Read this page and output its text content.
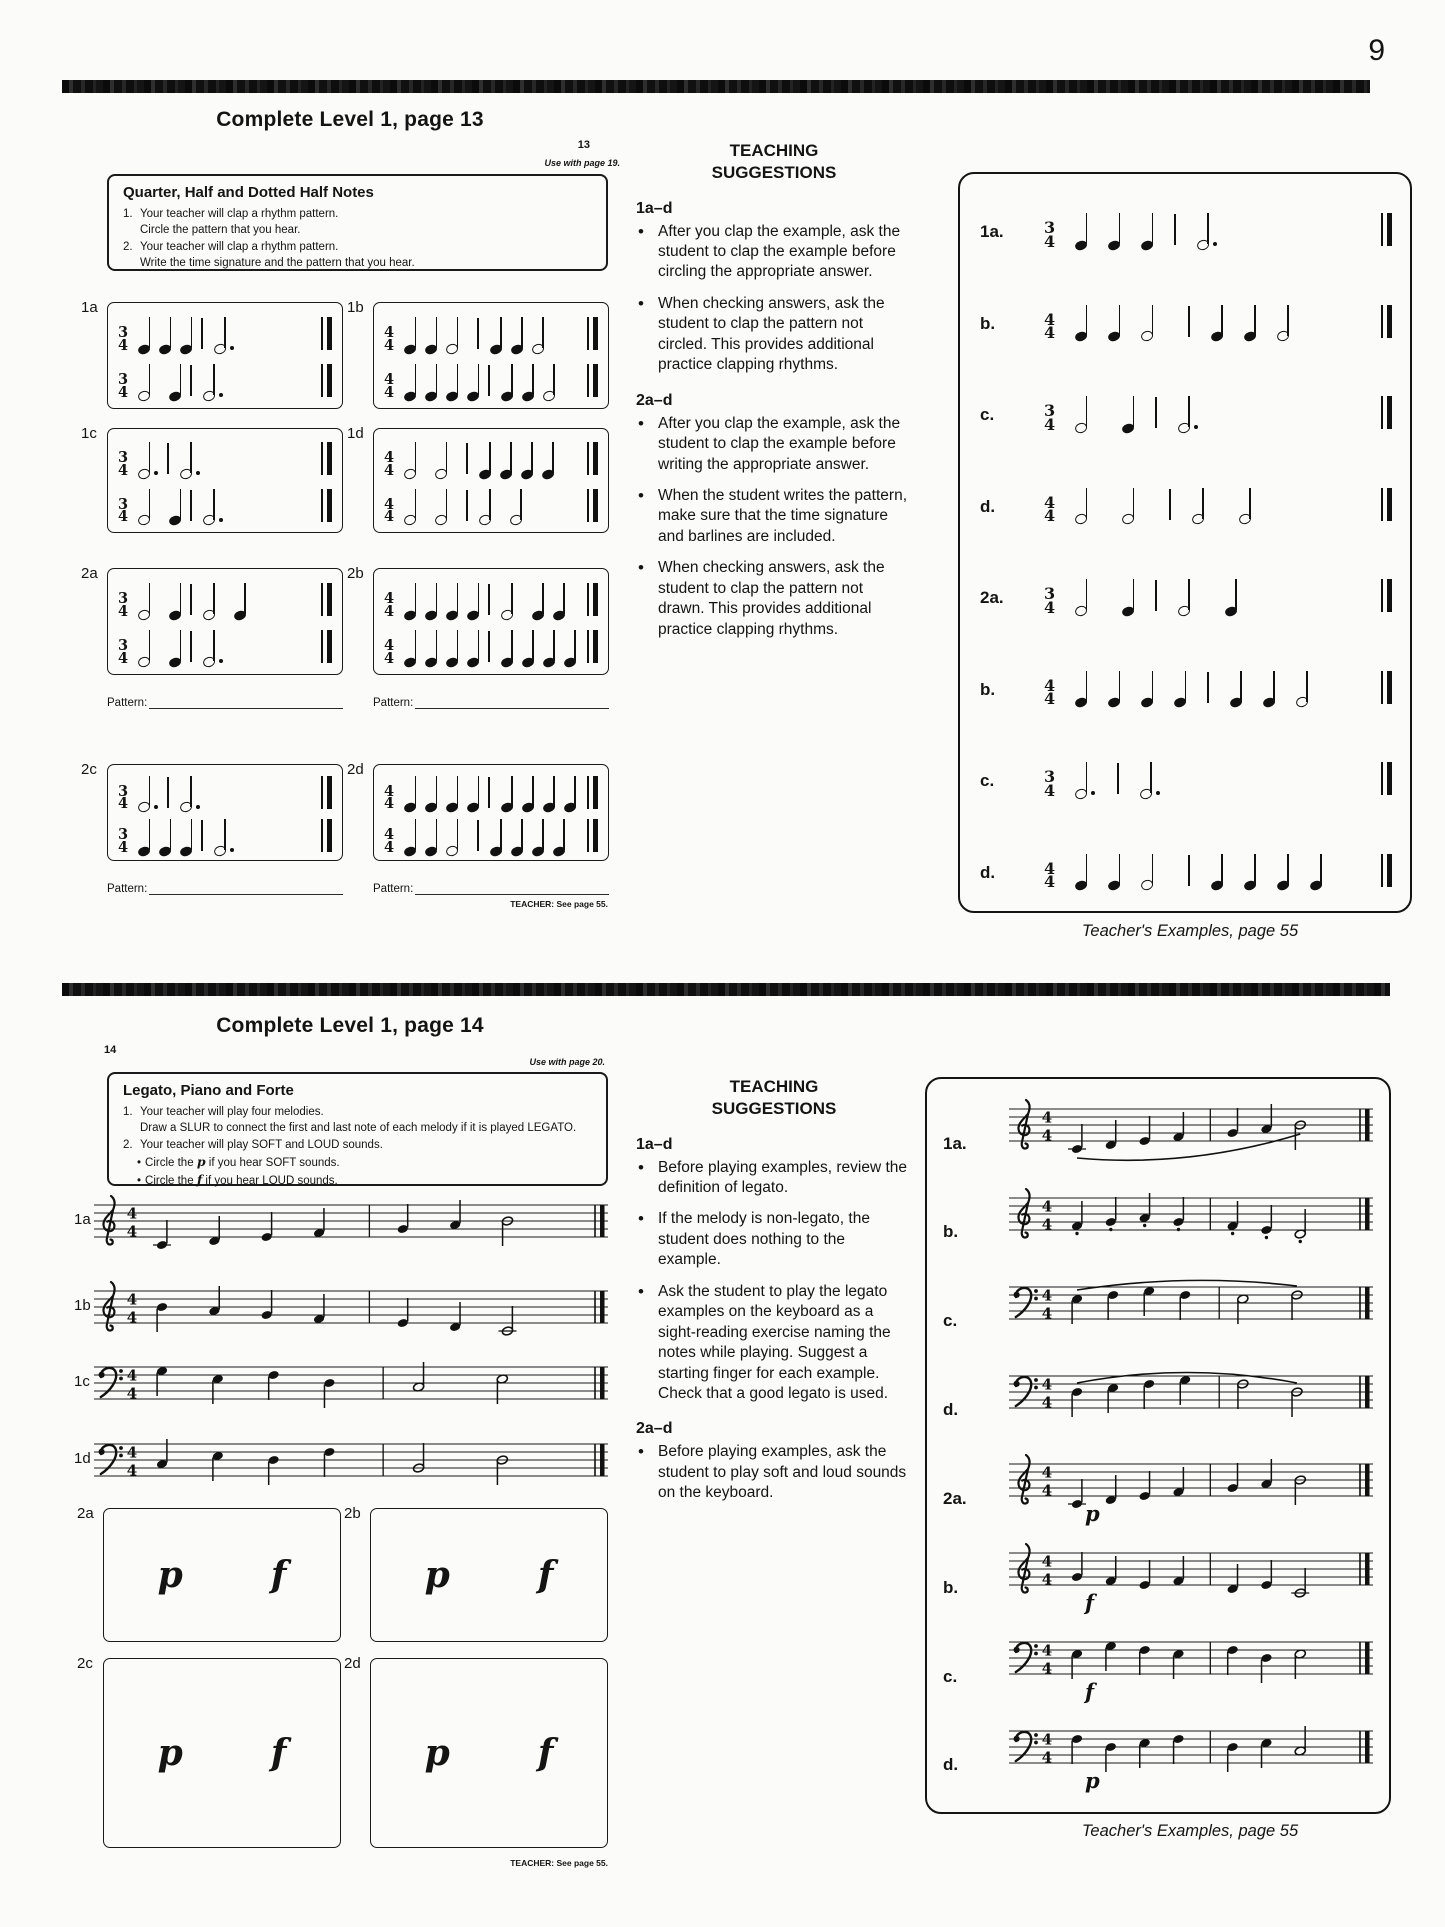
9
Complete Level 1, page 13
13
Use with page 19.
Quarter, Half and Dotted Half Notes
1. Your teacher will clap a rhythm pattern.
Circle the pattern that you hear.
2. Your teacher will clap a rhythm pattern.
Write the time signature and the pattern that you hear.
1a
3
4
3
4
1b
4
4
4
4
1c
3
4
3
4
1d
4
4
4
4
2a
3
4
3
4
2b
4
4
4
4
Pattern:	Pattern:
2c
3
4
3
4
2d
4
4
4
4
Pattern:	Pattern:
TEACHER: See page 55.
TEACHING
SUGGESTIONS
1a–d
• After you clap the example, ask the student to clap the example before circling the appropriate answer.
• When checking answers, ask the student to clap the pattern not circled. This provides additional practice clapping rhythms.
2a–d
• After you clap the example, ask the student to clap the example before writing the appropriate answer.
• When the student writes the pattern, make sure that the time signature and barlines are included.
• When checking answers, ask the student to clap the pattern not drawn. This provides additional practice clapping rhythms.
1a.	3
4
b.	4
4
c.	3
4
d.	4
4
2a.	3
4
b.	4
4
c.	3
4
d.	4
4
Teacher's Examples, page 55
Complete Level 1, page 14
14
Use with page 20.
Legato, Piano and Forte
1. Your teacher will play four melodies.
Draw a SLUR to connect the first and last note of each melody if it is played LEGATO.
2. Your teacher will play SOFT and LOUD sounds.
• Circle the p if you hear SOFT sounds.
• Circle the f if you hear LOUD sounds.
1a 4
4
1b 4
4
1c 4
4
1d 4
4
2a
p f
2b
p f
2c
p f
2d
p f
TEACHER: See page 55.
TEACHING
SUGGESTIONS
1a–d
• Before playing examples, review the definition of legato.
• If the melody is non-legato, the student does nothing to the example.
• Ask the student to play the legato examples on the keyboard as a sight-reading exercise naming the notes while playing. Suggest a starting finger for each example. Check that a good legato is used.
2a–d
• Before playing examples, ask the student to play soft and loud sounds on the keyboard.
1a.
4
4
b.
4
4
c.
4
4
d.
4
4
2a.
4
4
p
b.
4
4
f
c.
4
4
f
d.
4
4
p
Teacher's Examples, page 55
